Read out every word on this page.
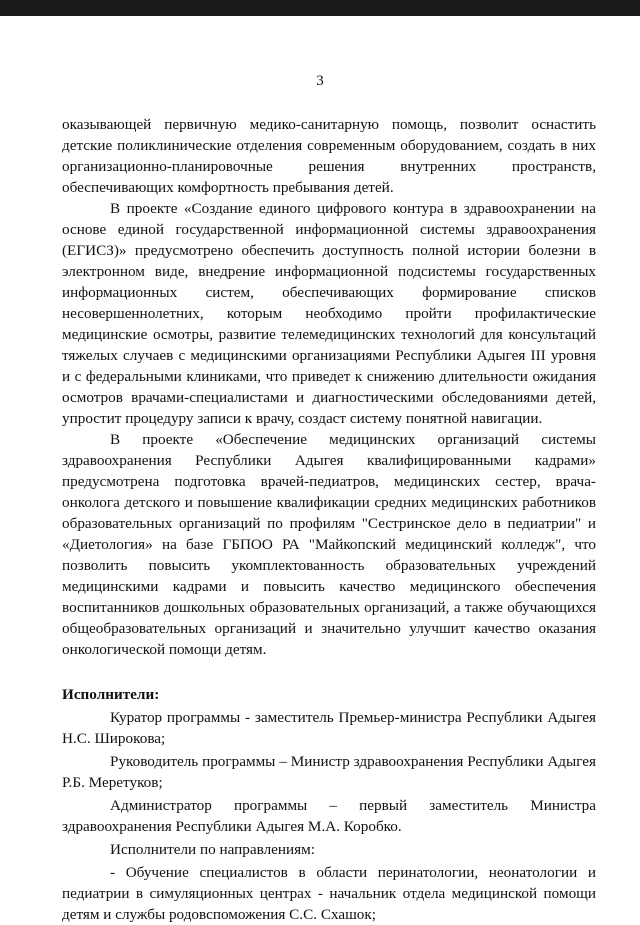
3

оказывающей первичную медико-санитарную помощь, позволит оснастить детские поликлинические отделения современным оборудованием, создать в них организационно-планировочные решения внутренних пространств, обеспечивающих комфортность пребывания детей.

В проекте «Создание единого цифрового контура в здравоохранении на основе единой государственной информационной системы здравоохранения (ЕГИСЗ)» предусмотрено обеспечить доступность полной истории болезни в электронном виде, внедрение информационной подсистемы государственных информационных систем, обеспечивающих формирование списков несовершеннолетних, которым необходимо пройти профилактические медицинские осмотры, развитие телемедицинских технологий для консультаций тяжелых случаев с медицинскими организациями Республики Адыгея III уровня и с федеральными клиниками, что приведет к снижению длительности ожидания осмотров врачами-специалистами и диагностическими обследованиями детей, упростит процедуру записи к врачу, создаст систему понятной навигации.

В проекте «Обеспечение медицинских организаций системы здравоохранения Республики Адыгея квалифицированными кадрами» предусмотрена подготовка врачей-педиатров, медицинских сестер, врача-онколога детского и повышение квалификации средних медицинских работников образовательных организаций по профилям "Сестринское дело в педиатрии" и «Диетология» на базе ГБПОО РА "Майкопский медицинский колледж", что позволить повысить укомплектованность образовательных учреждений медицинскими кадрами и повысить качество медицинского обеспечения воспитанников дошкольных образовательных организаций, а также обучающихся общеобразовательных организаций и значительно улучшит качество оказания онкологической помощи детям.

Исполнители:

Куратор программы - заместитель Премьер-министра Республики Адыгея Н.С. Широкова;

Руководитель программы – Министр здравоохранения Республики Адыгея Р.Б. Меретуков;

Администратор программы – первый заместитель Министра здравоохранения Республики Адыгея М.А. Коробко.

Исполнители по направлениям:

- Обучение специалистов в области перинатологии, неонатологии и педиатрии в симуляционных центрах - начальник отдела медицинской помощи детям и службы родовспоможения С.С. Схашок;
